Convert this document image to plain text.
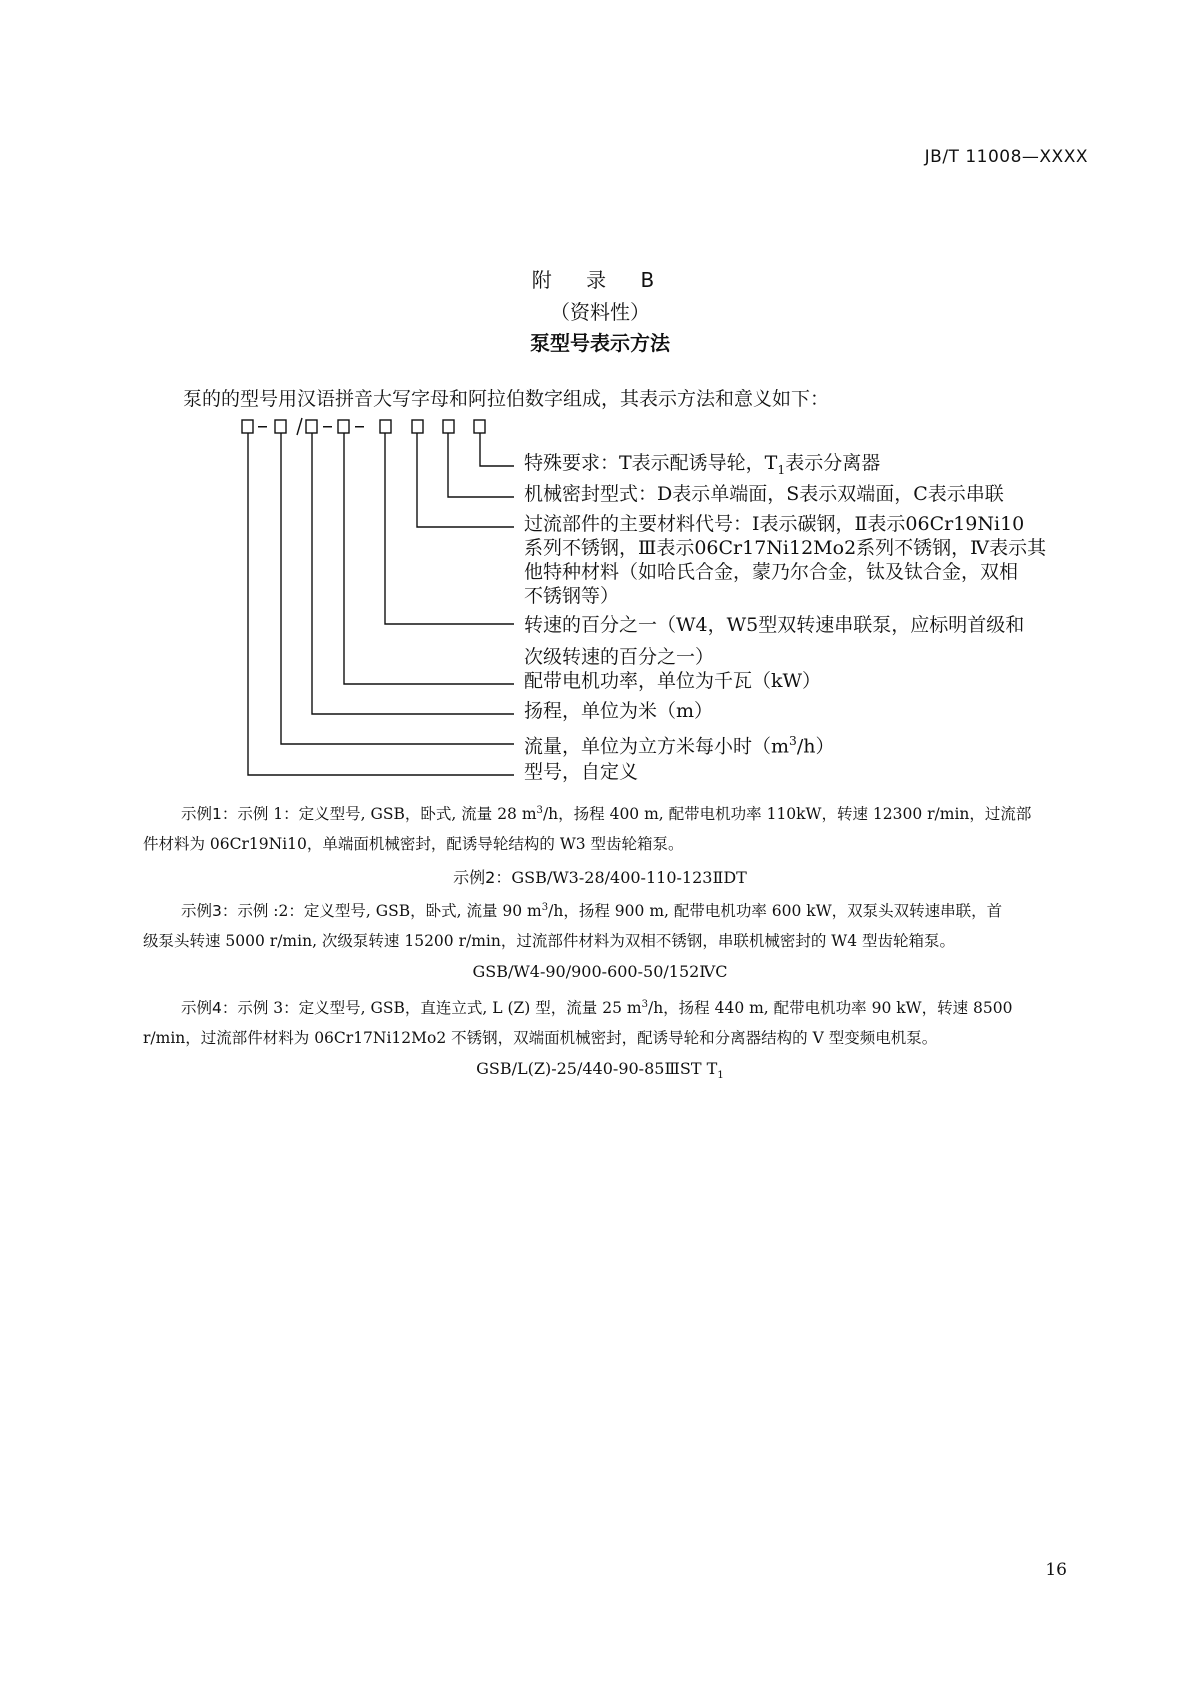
JB/T 11008—XXXX
附 录 B
（资料性）
泵型号表示方法
泵的的型号用汉语拼音大写字母和阿拉伯数字组成，其表示方法和意义如下：
特殊要求：T表示配诱导轮，$T_1$表示分离器
机械密封型式：D表示单端面，S表示双端面，C表示串联
过流部件的主要材料代号：Ⅰ表示碳钢，Ⅱ表示06Cr19Ni10
系列不锈钢，Ⅲ表示06Cr17Ni12Mo2系列不锈钢，Ⅳ表示其
他特种材料（如哈氏合金，蒙乃尔合金，钛及钛合金，双相
不锈钢等）
转速的百分之一（W4，W5型双转速串联泵，应标明首级和
次级转速的百分之一）
配带电机功率，单位为千瓦（kW）
扬程，单位为米（m）
流量，单位为立方米每小时$(m^3/h)$
型号，自定义
示例1：示例 1：定义型号, GSB，卧式, 流量 28 $m^3/h$，扬程 400 m, 配带电机功率 110kW，转速 12300 r/min，过流部
件材料为 06Cr19Ni10，单端面机械密封，配诱导轮结构的 W3 型齿轮箱泵。
示例2：GSB/W3-28/400-110-123ⅡDT
示例3：示例 :2：定义型号, GSB，卧式, 流量 90 $m^3/h$，扬程 900 m, 配带电机功率 600 kW，双泵头双转速串联，首
级泵头转速 5000 r/min, 次级泵转速 15200 r/min，过流部件材料为双相不锈钢，串联机械密封的 W4 型齿轮箱泵。
GSB/W4-90/900-600-50/152ⅣC
示例4：示例 3：定义型号, GSB，直连立式, L (Z) 型，流量 25 $m^3/h$，扬程 440 m, 配带电机功率 90 kW，转速 8500
r/min，过流部件材料为 06Cr17Ni12Mo2 不锈钢，双端面机械密封，配诱导轮和分离器结构的 V 型变频电机泵。
GSB/L(Z)-25/440-90-85ⅢST $T_1$
16
